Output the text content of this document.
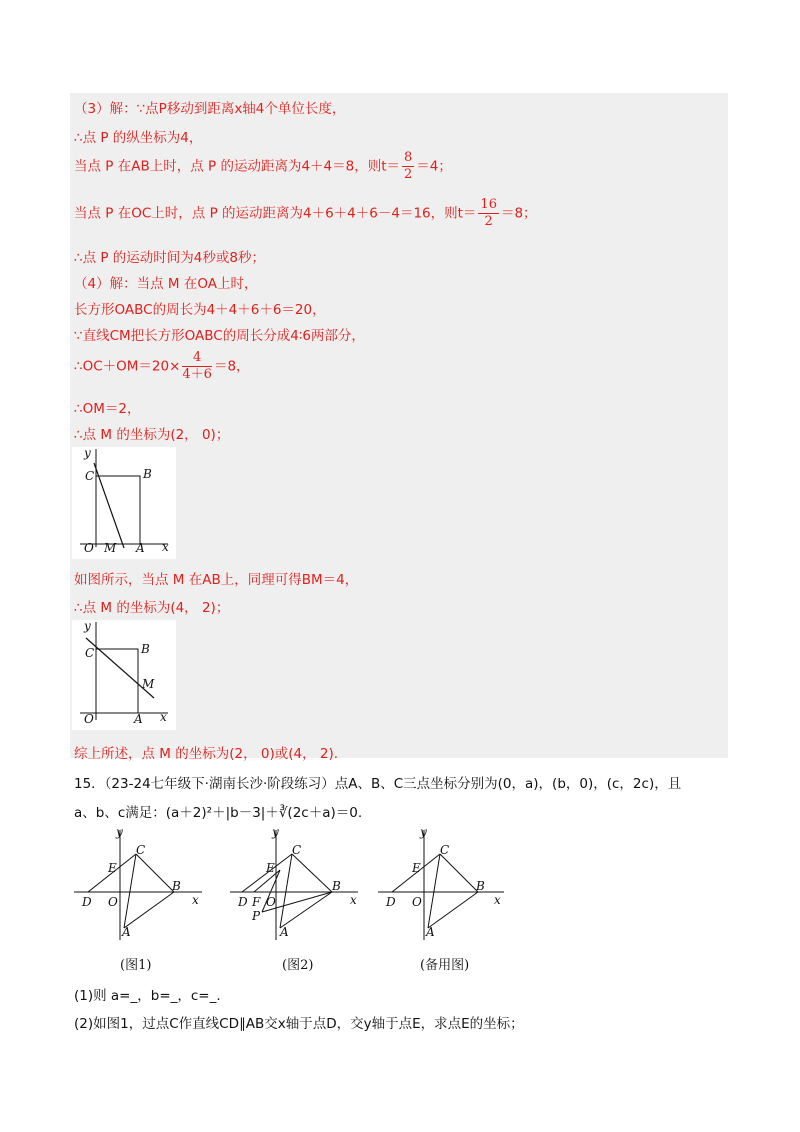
（3）解：∵点P移动到距离x轴4个单位长度，
∴点 P 的纵坐标为4，
当点 P 在AB上时，点 P 的运动距离为4＋4＝8，则$t= \frac{8}{2} =4$；
当点 P 在OC上时，点 P 的运动距离为4＋6＋4＋6－4＝16，则$t= \frac{16}{2} =8$；
∴点 P 的运动时间为4秒或8秒；
（4）解：当点 M 在OA上时，
长方形OABC的周长为4＋4＋6＋6＝20，
∵直线CM把长方形OABC的周长分成4∶6两部分，
∴OC＋OM＝20× $\frac{4}{4+6} =8$，
∴OM＝2，
∴点 M 的坐标为(2， 0)；
y
C	B
O M A x
如图所示，当点 M 在AB上，同理可得BM＝4，
∴点 M 的坐标为(4， 2)；
y
C	B
M
O	A x
综上所述，点 M 的坐标为(2， 0)或(4， 2).
15．（23-24七年级下·湖南长沙·阶段练习）点A、B、C三点坐标分别为(0，a)，(b，0)，(c，2c)，且
a、b、c满足：(a＋2)²＋|b－3|＋∛(2c＋a)＝0.
y
C
E
B
D O
A
x
(图1)
y
C
E
B
D F O
P
A
x
(图2)
y
C
E
B
D O
A
x
(备用图)
(1)则 a=_，b=_，c=_.
(2)如图1，过点C作直线CD∥AB交x轴于点D，交y轴于点E，求点E的坐标；
